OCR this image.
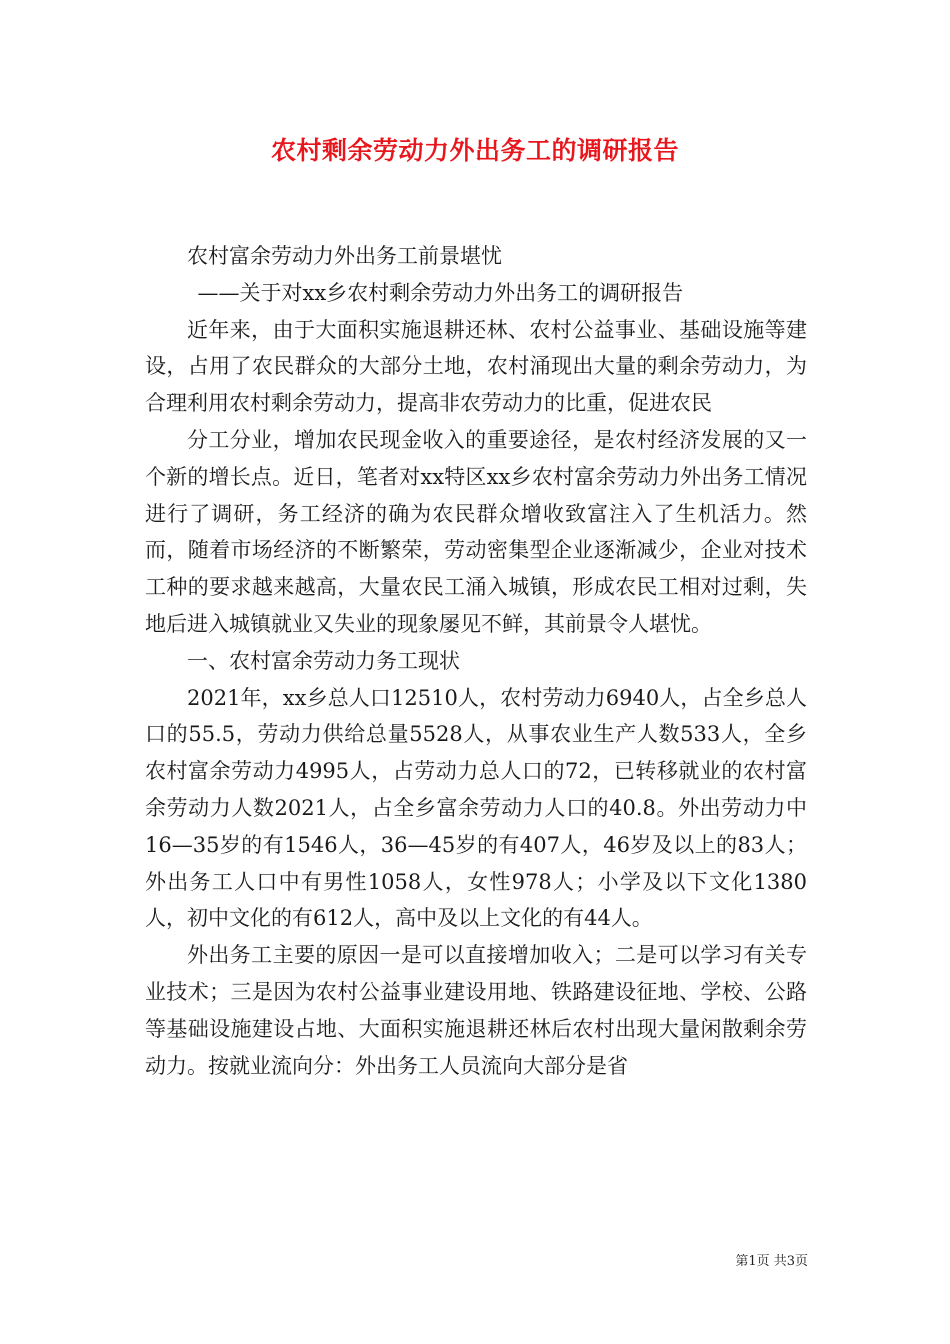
农村剩余劳动力外出务工的调研报告

农村富余劳动力外出务工前景堪忧

——关于对xx乡农村剩余劳动力外出务工的调研报告

近年来，由于大面积实施退耕还林、农村公益事业、基础设施等建设，占用了农民群众的大部分土地，农村涌现出大量的剩余劳动力，为合理利用农村剩余劳动力，提高非农劳动力的比重，促进农民

分工分业，增加农民现金收入的重要途径，是农村经济发展的又一个新的增长点。近日，笔者对xx特区xx乡农村富余劳动力外出务工情况进行了调研，务工经济的确为农民群众增收致富注入了生机活力。然而，随着市场经济的不断繁荣，劳动密集型企业逐渐减少，企业对技术工种的要求越来越高，大量农民工涌入城镇，形成农民工相对过剩，失地后进入城镇就业又失业的现象屡见不鲜，其前景令人堪忧。

一、农村富余劳动力务工现状

2021年，xx乡总人口12510人，农村劳动力6940人，占全乡总人口的55.5，劳动力供给总量5528人，从事农业生产人数533人，全乡农村富余劳动力4995人，占劳动力总人口的72，已转移就业的农村富余劳动力人数2021人，占全乡富余劳动力人口的40.8。外出劳动力中16—35岁的有1546人，36—45岁的有407人，46岁及以上的83人；外出务工人口中有男性1058人，女性978人；小学及以下文化1380人，初中文化的有612人，高中及以上文化的有44人。

外出务工主要的原因一是可以直接增加收入；二是可以学习有关专业技术；三是因为农村公益事业建设用地、铁路建设征地、学校、公路等基础设施建设占地、大面积实施退耕还林后农村出现大量闲散剩余劳动力。按就业流向分：外出务工人员流向大部分是省

第1页 共3页
